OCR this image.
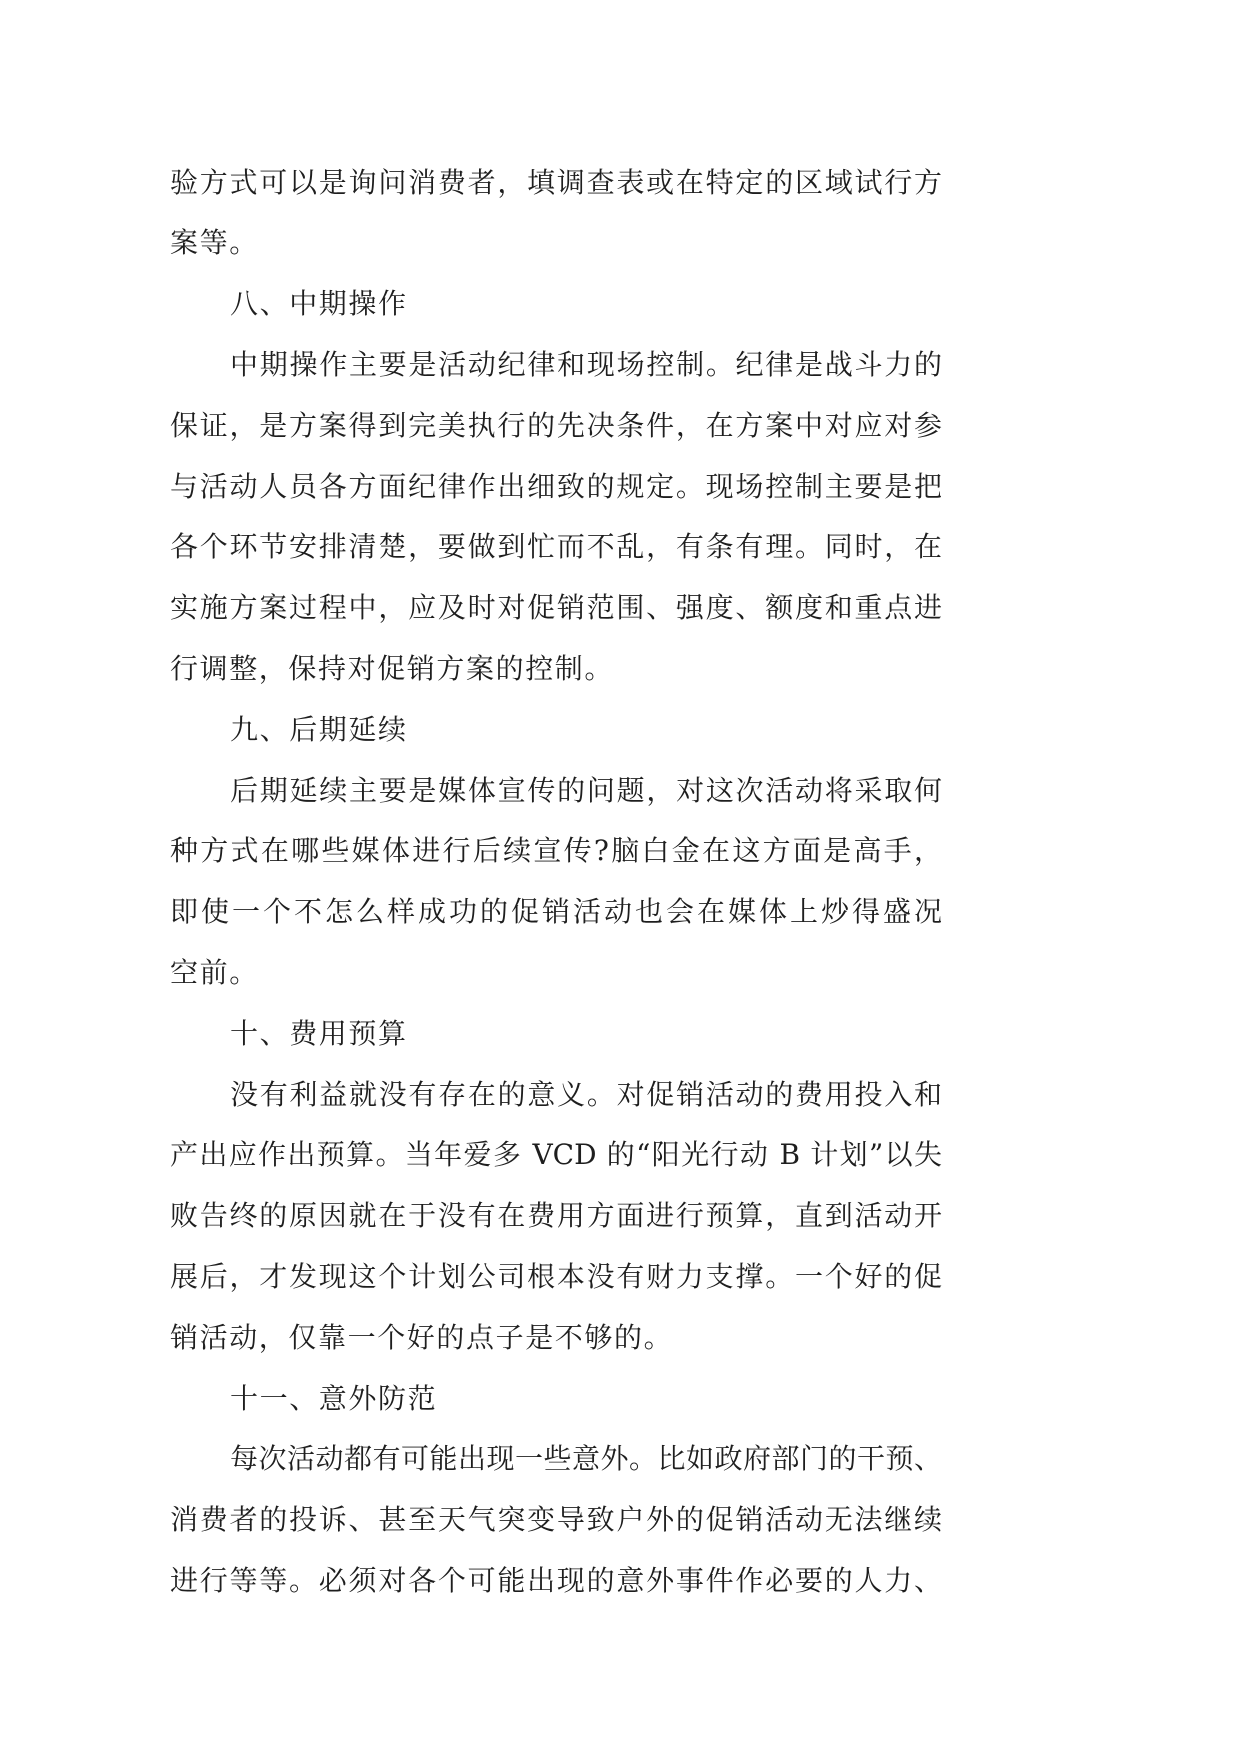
验方式可以是询问消费者，填调查表或在特定的区域试行方
案等。
八、中期操作
中期操作主要是活动纪律和现场控制。纪律是战斗力的
保证，是方案得到完美执行的先决条件，在方案中对应对参
与活动人员各方面纪律作出细致的规定。现场控制主要是把
各个环节安排清楚，要做到忙而不乱，有条有理。同时，在
实施方案过程中，应及时对促销范围、强度、额度和重点进
行调整，保持对促销方案的控制。
九、后期延续
后期延续主要是媒体宣传的问题，对这次活动将采取何
种方式在哪些媒体进行后续宣传?脑白金在这方面是高手，
即使一个不怎么样成功的促销活动也会在媒体上炒得盛况
空前。
十、费用预算
没有利益就没有存在的意义。对促销活动的费用投入和
产出应作出预算。当年爱多 VCD 的“阳光行动 B 计划”以失
败告终的原因就在于没有在费用方面进行预算，直到活动开
展后，才发现这个计划公司根本没有财力支撑。一个好的促
销活动，仅靠一个好的点子是不够的。
十一、意外防范
每次活动都有可能出现一些意外。比如政府部门的干预、
消费者的投诉、甚至天气突变导致户外的促销活动无法继续
进行等等。必须对各个可能出现的意外事件作必要的人力、
